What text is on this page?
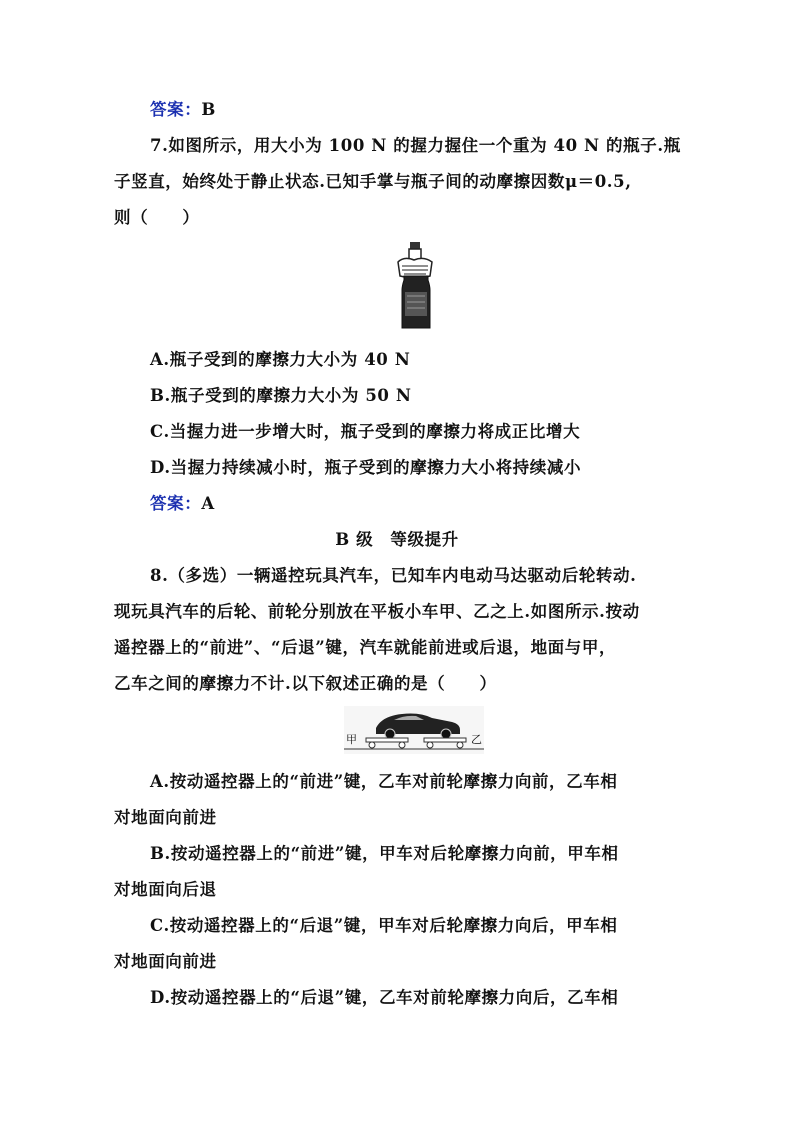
答案：B
7.如图所示，用大小为 100 N 的握力握住一个重为 40 N 的瓶子.瓶
子竖直，始终处于静止状态.已知手掌与瓶子间的动摩擦因数μ＝0.5,
则（　　）
A.瓶子受到的摩擦力大小为 40 N
B.瓶子受到的摩擦力大小为 50 N
C.当握力进一步增大时，瓶子受到的摩擦力将成正比增大
D.当握力持续减小时，瓶子受到的摩擦力大小将持续减小
答案：A
B 级　等级提升
8.（多选）一辆遥控玩具汽车，已知车内电动马达驱动后轮转动.
现玩具汽车的后轮、前轮分别放在平板小车甲、乙之上.如图所示.按动
遥控器上的“前进”、“后退”键，汽车就能前进或后退，地面与甲，
乙车之间的摩擦力不计.以下叙述正确的是（　　）
甲	乙
A.按动遥控器上的“前进”键，乙车对前轮摩擦力向前，乙车相
对地面向前进
B.按动遥控器上的“前进”键，甲车对后轮摩擦力向前，甲车相
对地面向后退
C.按动遥控器上的“后退”键，甲车对后轮摩擦力向后，甲车相
对地面向前进
D.按动遥控器上的“后退”键，乙车对前轮摩擦力向后，乙车相
